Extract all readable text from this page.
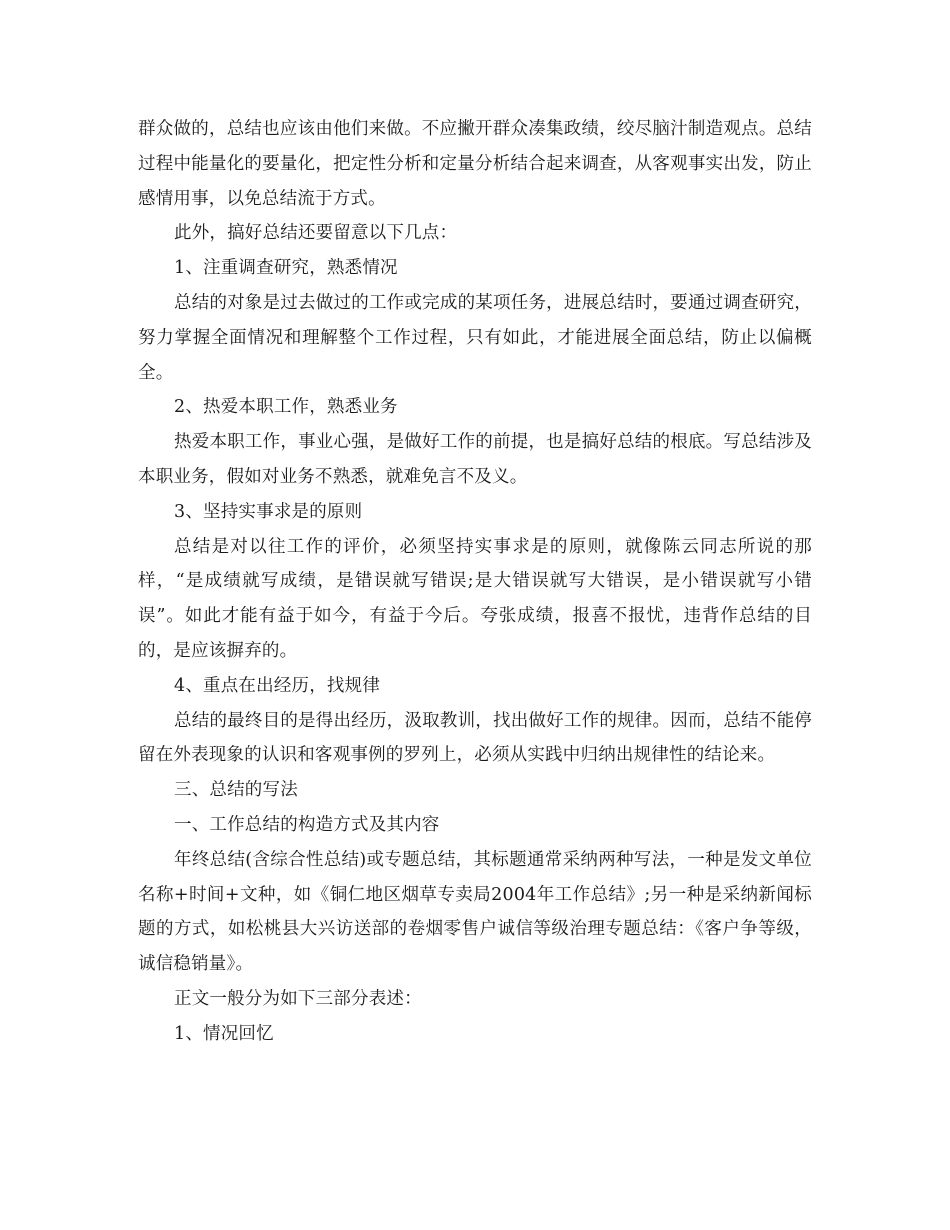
群众做的，总结也应该由他们来做。不应撇开群众凑集政绩，绞尽脑汁制造观点。总结过程中能量化的要量化，把定性分析和定量分析结合起来调查，从客观事实出发，防止感情用事，以免总结流于方式。

此外，搞好总结还要留意以下几点：

1、注重调查研究，熟悉情况

总结的对象是过去做过的工作或完成的某项任务，进展总结时，要通过调查研究，努力掌握全面情况和理解整个工作过程，只有如此，才能进展全面总结，防止以偏概全。

2、热爱本职工作，熟悉业务

热爱本职工作，事业心强，是做好工作的前提，也是搞好总结的根底。写总结涉及本职业务，假如对业务不熟悉，就难免言不及义。

3、坚持实事求是的原则

总结是对以往工作的评价，必须坚持实事求是的原则，就像陈云同志所说的那样，“是成绩就写成绩，是错误就写错误;是大错误就写大错误，是小错误就写小错误”。如此才能有益于如今，有益于今后。夸张成绩，报喜不报忧，违背作总结的目的，是应该摒弃的。

4、重点在出经历，找规律

总结的最终目的是得出经历，汲取教训，找出做好工作的规律。因而，总结不能停留在外表现象的认识和客观事例的罗列上，必须从实践中归纳出规律性的结论来。

三、总结的写法

一、工作总结的构造方式及其内容

年终总结(含综合性总结)或专题总结，其标题通常采纳两种写法，一种是发文单位名称+时间+文种，如《铜仁地区烟草专卖局2004年工作总结》;另一种是采纳新闻标题的方式，如松桃县大兴访送部的卷烟零售户诚信等级治理专题总结：《客户争等级，诚信稳销量》。

正文一般分为如下三部分表述：

1、情况回忆
